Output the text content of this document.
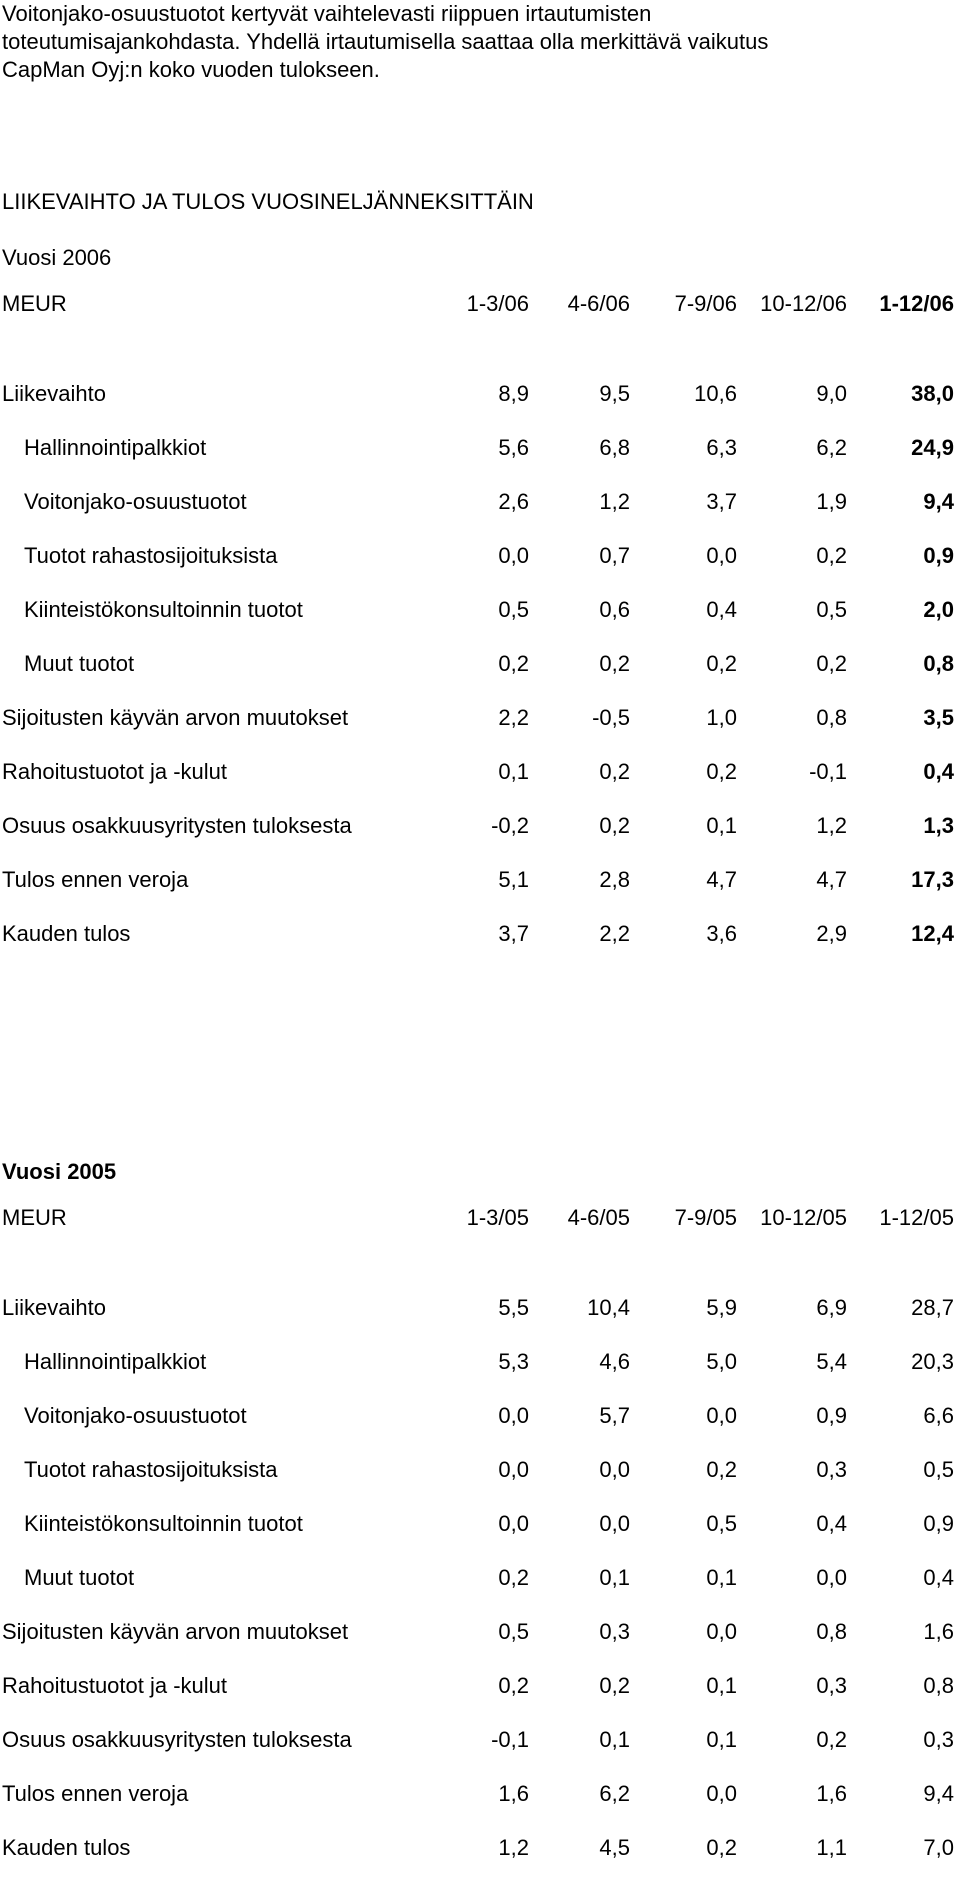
Voitonjako-osuustuotot kertyvät vaihtelevasti riippuen irtautumisten
toteutumisajankohdasta. Yhdellä irtautumisella saattaa olla merkittävä vaikutus
CapMan Oyj:n koko vuoden tulokseen.
LIIKEVAIHTO JA TULOS VUOSINELJÄNNEKSITTÄIN
Vuosi 2006
MEUR	1-3/06 4-6/06 7-9/06 10-12/06 1-12/06
Liikevaihto	8,9	9,5	10,6	9,0	38,0
Hallinnointipalkkiot	5,6	6,8	6,3	6,2	24,9
Voitonjako-osuustuotot	2,6	1,2	3,7	1,9	9,4
Tuotot rahastosijoituksista	0,0	0,7	0,0	0,2	0,9
Kiinteistökonsultoinnin tuotot	0,5	0,6	0,4	0,5	2,0
Muut tuotot	0,2	0,2	0,2	0,2	0,8
Sijoitusten käyvän arvon muutokset	2,2	-0,5	1,0	0,8	3,5
Rahoitustuotot ja -kulut	0,1	0,2	0,2	-0,1	0,4
Osuus osakkuusyritysten tuloksesta	-0,2	0,2	0,1	1,2	1,3
Tulos ennen veroja	5,1	2,8	4,7	4,7	17,3
Kauden tulos	3,7	2,2	3,6	2,9	12,4
Vuosi 2005
MEUR	1-3/05 4-6/05 7-9/05 10-12/05 1-12/05
Liikevaihto	5,5	10,4	5,9	6,9	28,7
Hallinnointipalkkiot	5,3	4,6	5,0	5,4	20,3
Voitonjako-osuustuotot	0,0	5,7	0,0	0,9	6,6
Tuotot rahastosijoituksista	0,0	0,0	0,2	0,3	0,5
Kiinteistökonsultoinnin tuotot	0,0	0,0	0,5	0,4	0,9
Muut tuotot	0,2	0,1	0,1	0,0	0,4
Sijoitusten käyvän arvon muutokset	0,5	0,3	0,0	0,8	1,6
Rahoitustuotot ja -kulut	0,2	0,2	0,1	0,3	0,8
Osuus osakkuusyritysten tuloksesta	-0,1	0,1	0,1	0,2	0,3
Tulos ennen veroja	1,6	6,2	0,0	1,6	9,4
Kauden tulos	1,2	4,5	0,2	1,1	7,0
